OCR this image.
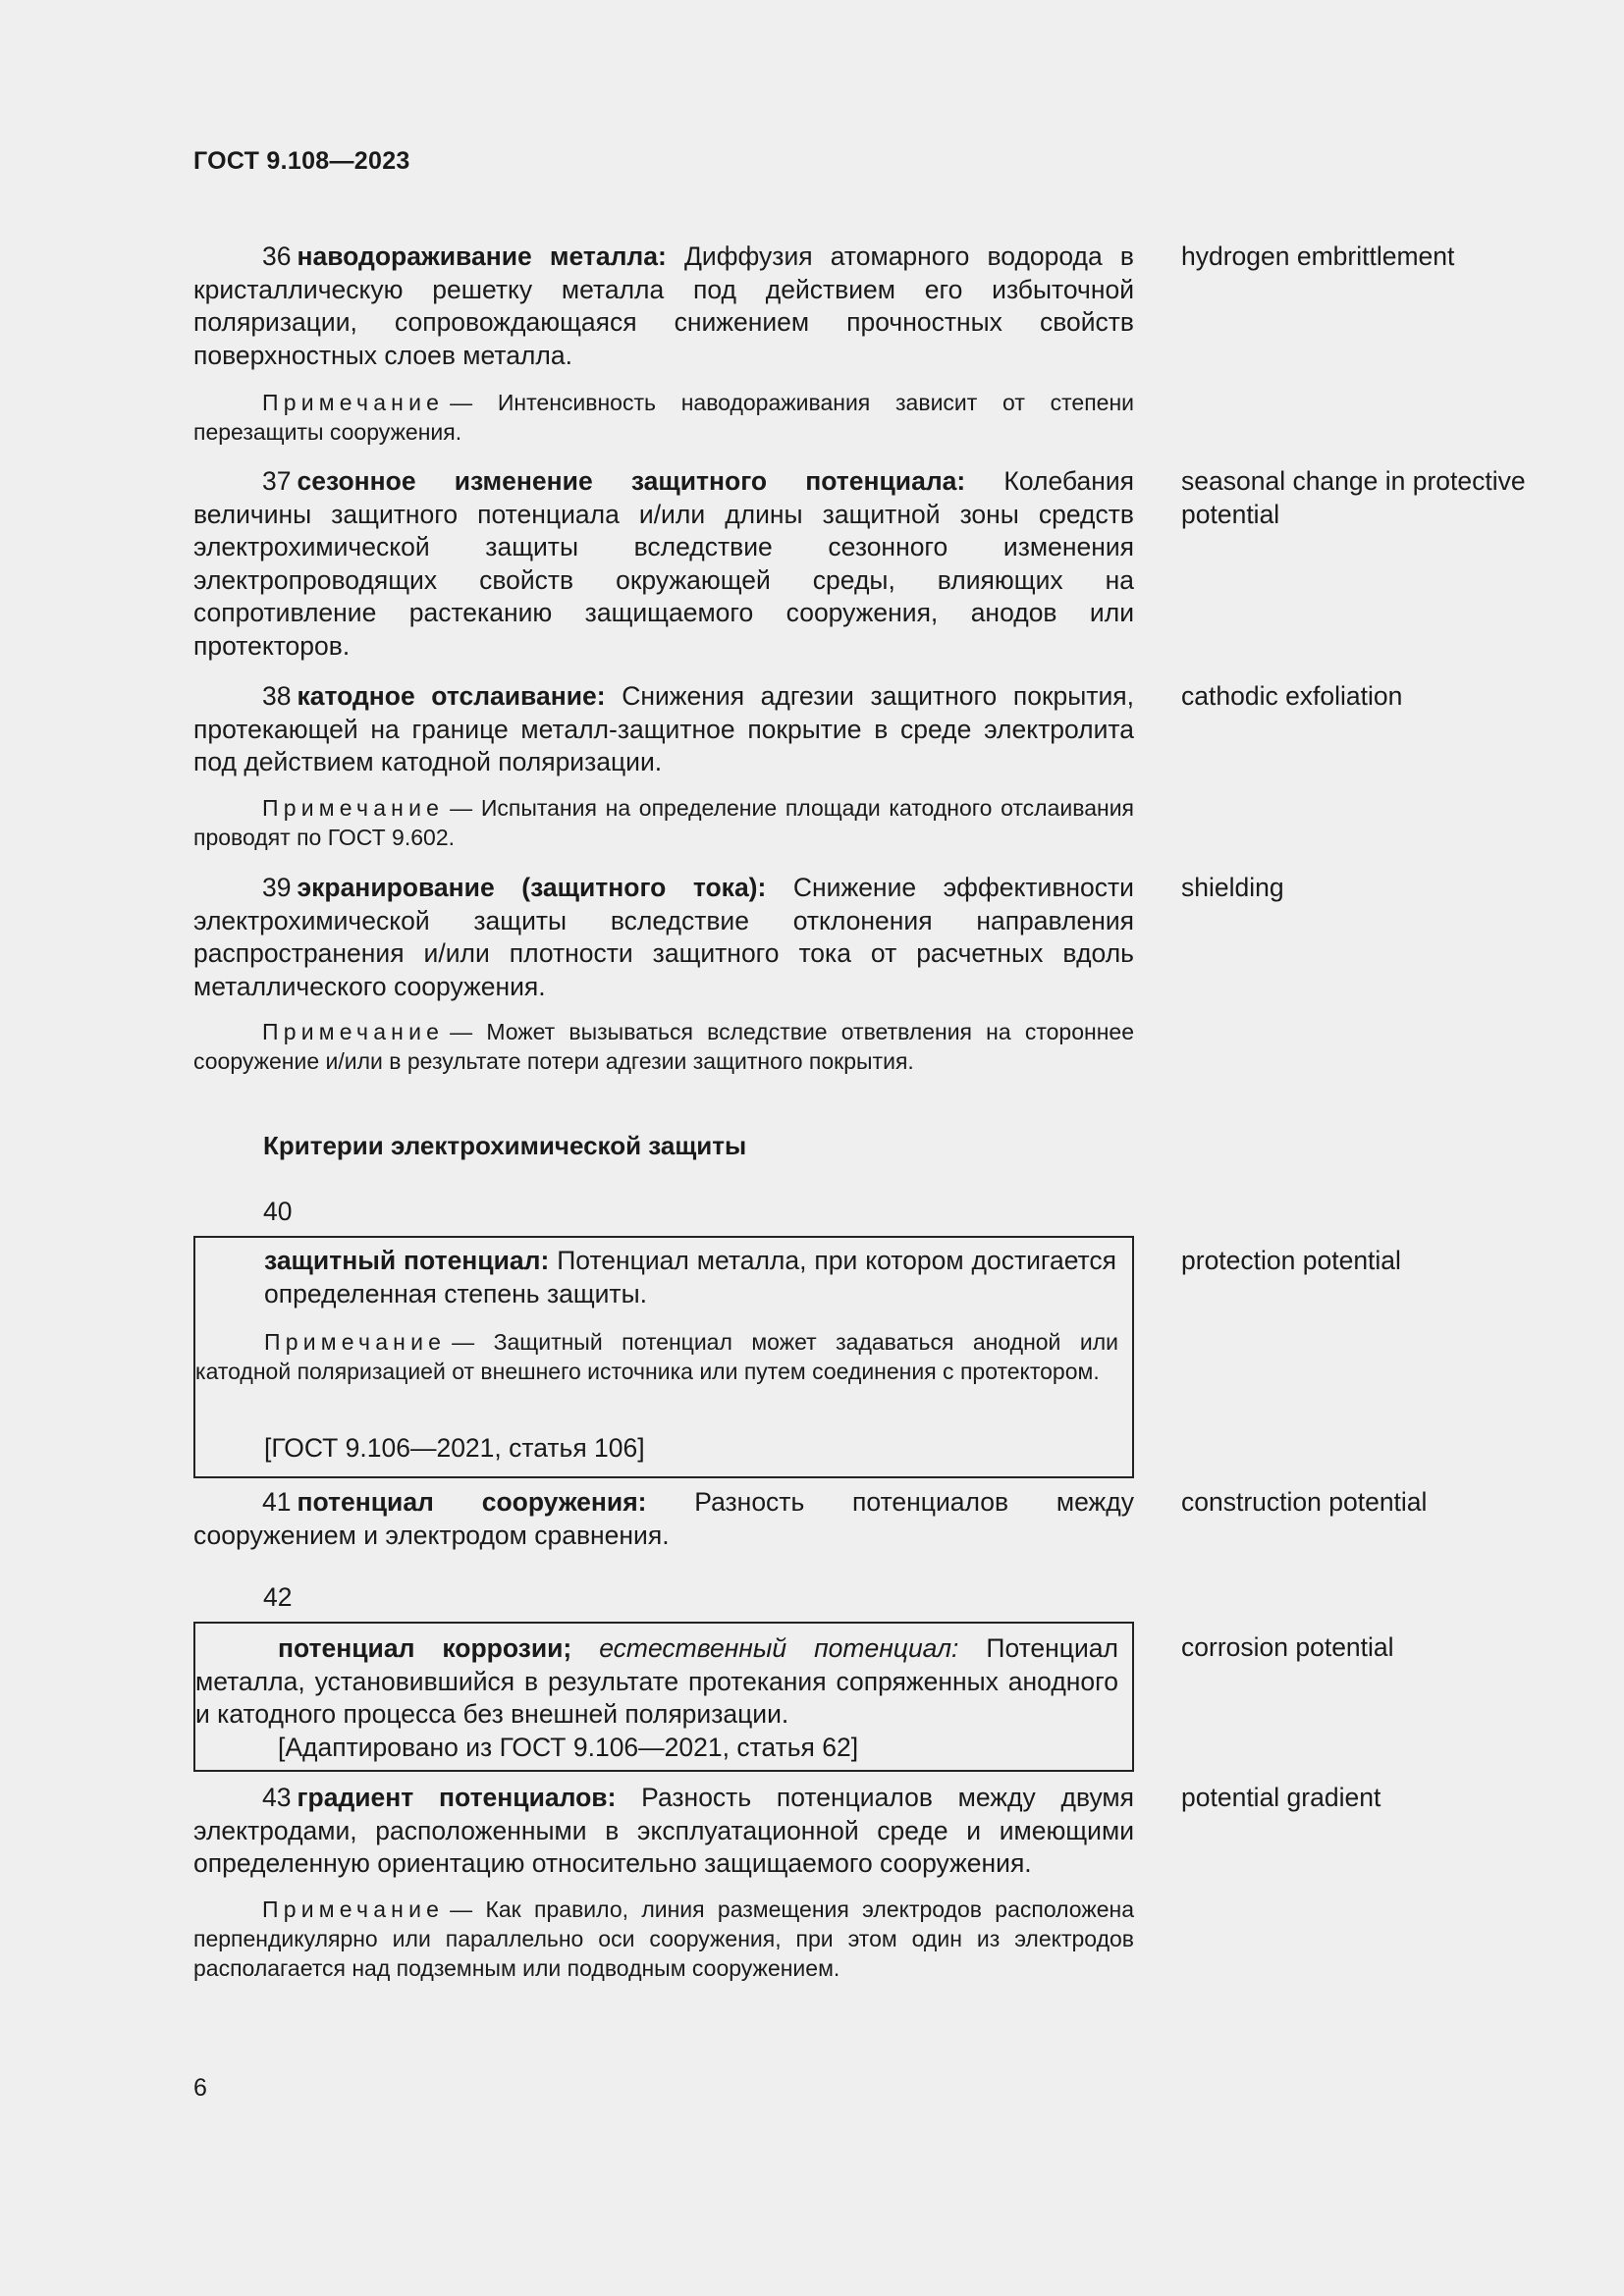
ГОСТ 9.108—2023
36 наводораживание металла: Диффузия атомарного водорода в кристаллическую решетку металла под действием его избыточной поляризации, сопровождающаяся снижением прочностных свойств поверхностных слоев металла.
hydrogen embrittlement
Примечание — Интенсивность наводораживания зависит от степени перезащиты сооружения.
37 сезонное изменение защитного потенциала: Колебания величины защитного потенциала и/или длины защитной зоны средств электрохимической защиты вследствие сезонного изменения электропроводящих свойств окружающей среды, влияющих на сопротивление растеканию защищаемого сооружения, анодов или протекторов.
seasonal change in protective potential
38 катодное отслаивание: Снижения адгезии защитного покрытия, протекающей на границе металл-защитное покрытие в среде электролита под действием катодной поляризации.
cathodic exfoliation
Примечание — Испытания на определение площади катодного отслаивания проводят по ГОСТ 9.602.
39 экранирование (защитного тока): Снижение эффективности электрохимической защиты вследствие отклонения направления распространения и/или плотности защитного тока от расчетных вдоль металлического сооружения.
shielding
Примечание — Может вызываться вследствие ответвления на стороннее сооружение и/или в результате потери адгезии защитного покрытия.
Критерии электрохимической защиты
40
защитный потенциал: Потенциал металла, при котором достигается определенная степень защиты.
Примечание — Защитный потенциал может задаваться анодной или катодной поляризацией от внешнего источника или путем соединения с протектором.
[ГОСТ 9.106—2021, статья 106]
protection potential
41 потенциал сооружения: Разность потенциалов между сооружением и электродом сравнения.
construction potential
42
потенциал коррозии; естественный потенциал: Потенциал металла, установившийся в результате протекания сопряженных анодного и катодного процесса без внешней поляризации.
[Адаптировано из ГОСТ 9.106—2021, статья 62]
corrosion potential
43 градиент потенциалов: Разность потенциалов между двумя электродами, расположенными в эксплуатационной среде и имеющими определенную ориентацию относительно защищаемого сооружения.
potential gradient
Примечание — Как правило, линия размещения электродов расположена перпендикулярно или параллельно оси сооружения, при этом один из электродов располагается над подземным или подводным сооружением.
6
